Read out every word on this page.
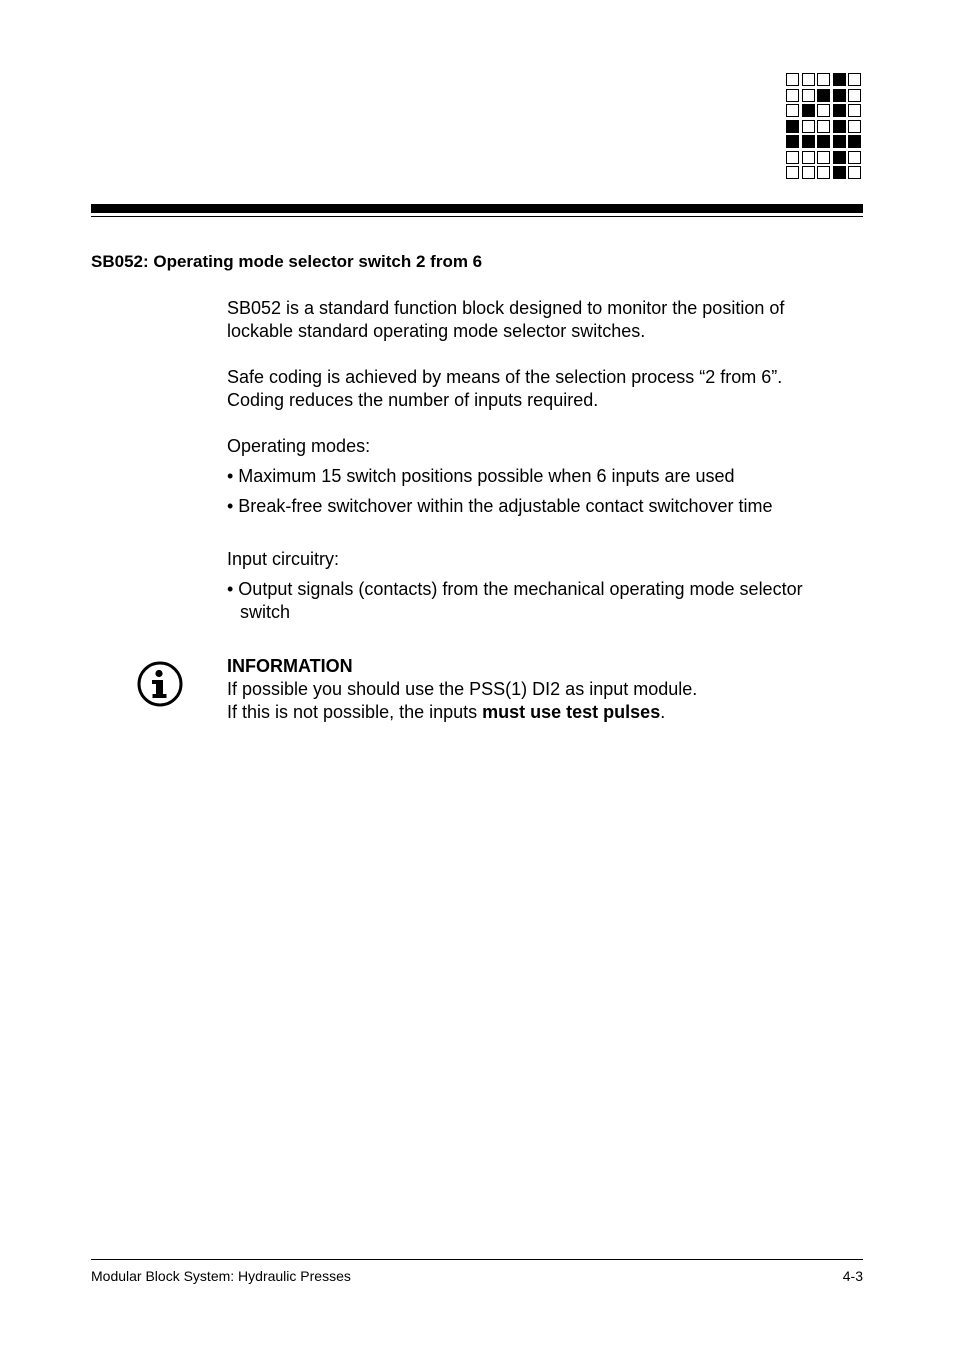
SB052: Operating mode selector switch 2 from 6

SB052 is a standard function block designed to monitor the position of
lockable standard operating mode selector switches.

Safe coding is achieved by means of the selection process “2 from 6”.
Coding reduces the number of inputs required.

Operating modes:

• Maximum 15 switch positions possible when 6 inputs are used

• Break-free switchover within the adjustable contact switchover time

Input circuitry:

• Output signals (contacts) from the mechanical operating mode selector
switch

INFORMATION
If possible you should use the PSS(1) DI2 as input module.
If this is not possible, the inputs must use test pulses.
Modular Block System: Hydraulic Presses	4-3
